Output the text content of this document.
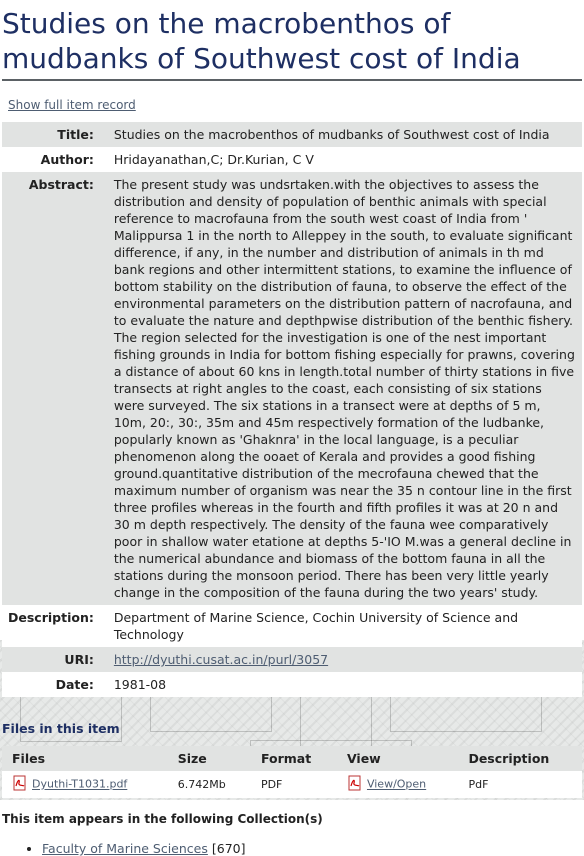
Studies on the macrobenthos of mudbanks of Southwest cost of India
Show full item record
Title:	Studies on the macrobenthos of mudbanks of Southwest cost of India
Author:	Hridayanathan,C; Dr.Kurian, C V
Abstract:	The present study was undsrtaken.with the objectives to assess the distribution and density of population of benthic animals with special reference to macrofauna from the south west coast of India from ' Malippursa 1 in the north to Alleppey in the south, to evaluate significant difference, if any, in the number and distribution of animals in th md bank regions and other intermittent stations, to examine the influence of bottom stability on the distribution of fauna, to observe the effect of the environmental parameters on the distribution pattern of nacrofauna, and to evaluate the nature and depthpwise distribution of the benthic fishery. The region selected for the investigation is one of the nest important fishing grounds in India for bottom fishing especially for prawns, covering a distance of about 60 kns in length.total number of thirty stations in five transects at right angles to the coast, each consisting of six stations were surveyed. The six stations in a transect were at depths of 5 m, 10m, 20:, 30:, 35m and 45m respectively formation of the ludbanke, popularly known as 'Ghaknra' in the local language, is a peculiar phenomenon along the ooaet of Kerala and provides a good fishing ground.quantitative distribution of the mecrofauna chewed that the maximum number of organism was near the 35 n contour line in the first three profiles whereas in the fourth and fifth profiles it was at 20 n and 30 m depth respectively. The density of the fauna wee comparatively poor in shallow water etatione at depths 5-'IO M.was a general decline in the numerical abundance and biomass of the bottom fauna in all the stations during the monsoon period. There has been very little yearly change in the composition of the fauna during the two years' study.
Description:	Department of Marine Science, Cochin University of Science and Technology
URI:	http://dyuthi.cusat.ac.in/purl/3057
Date:	1981-08
Files in this item
Files	Size	Format	View	Description
Dyuthi-T1031.pdf	6.742Mb	PDF	View/Open	PdF
This item appears in the following Collection(s)
• Faculty of Marine Sciences [670]
